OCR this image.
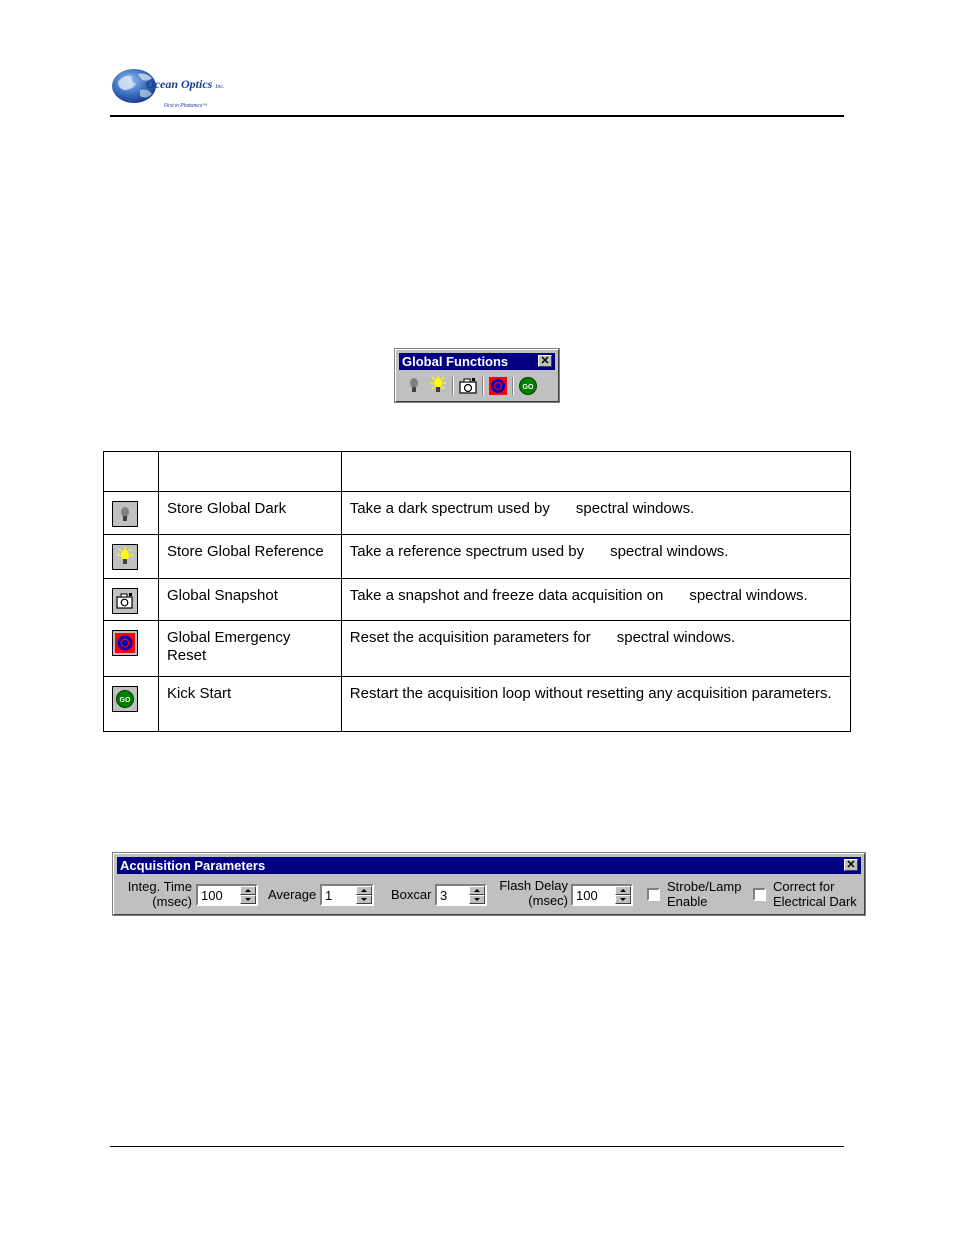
Ocean Optics Inc.
First in Photonics™
Global Functions	✕
GO

	Store Global Dark	Take a dark spectrum used by spectral windows.

	Store Global Reference	Take a reference spectrum used by spectral windows.

	Global Snapshot	Take a snapshot and freeze data acquisition on spectral windows.

	Global Emergency Reset	Reset the acquisition parameters for spectral windows.

GO	Kick Start	Restart the acquisition loop without resetting any acquisition parameters.
Acquisition Parameters	✕
Integ. Time
(msec)
100	Average
1	Boxcar
3
Flash Delay
(msec)
100
Strobe/Lamp
Enable
Correct for
Electrical Dark
